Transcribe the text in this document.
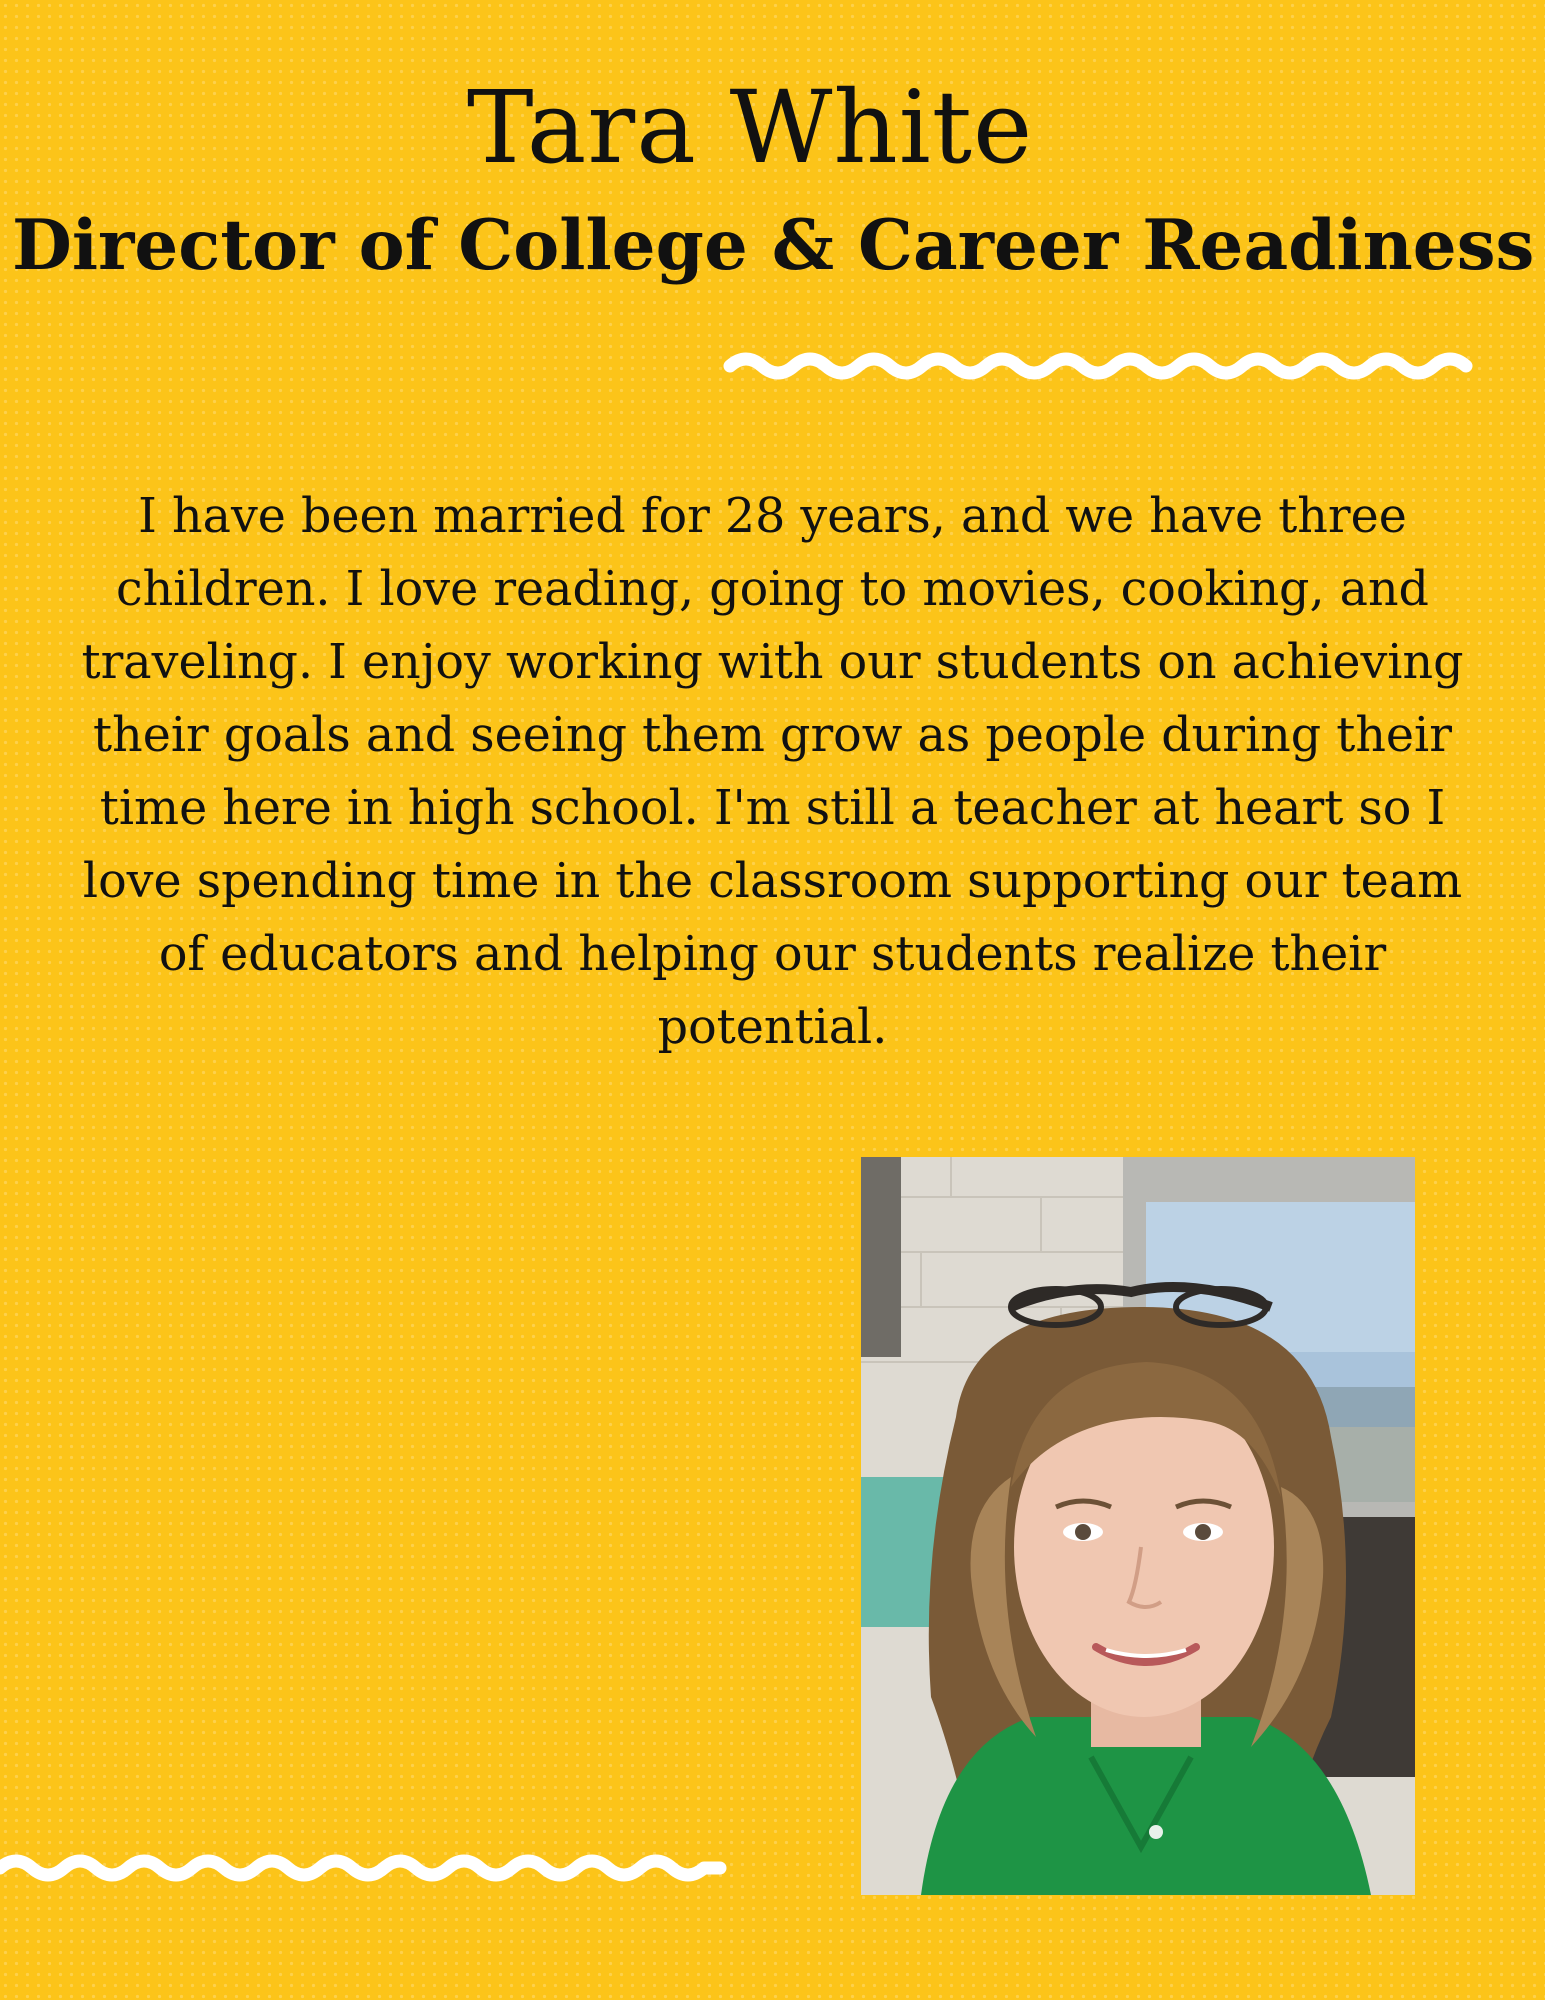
Tara White
Director of College & Career Readiness

I have been married for 28 years, and we have three children. I love reading, going to movies, cooking, and traveling. I enjoy working with our students on achieving their goals and seeing them grow as people during their time here in high school. I'm still a teacher at heart so I love spending time in the classroom supporting our team of educators and helping our students realize their potential.
